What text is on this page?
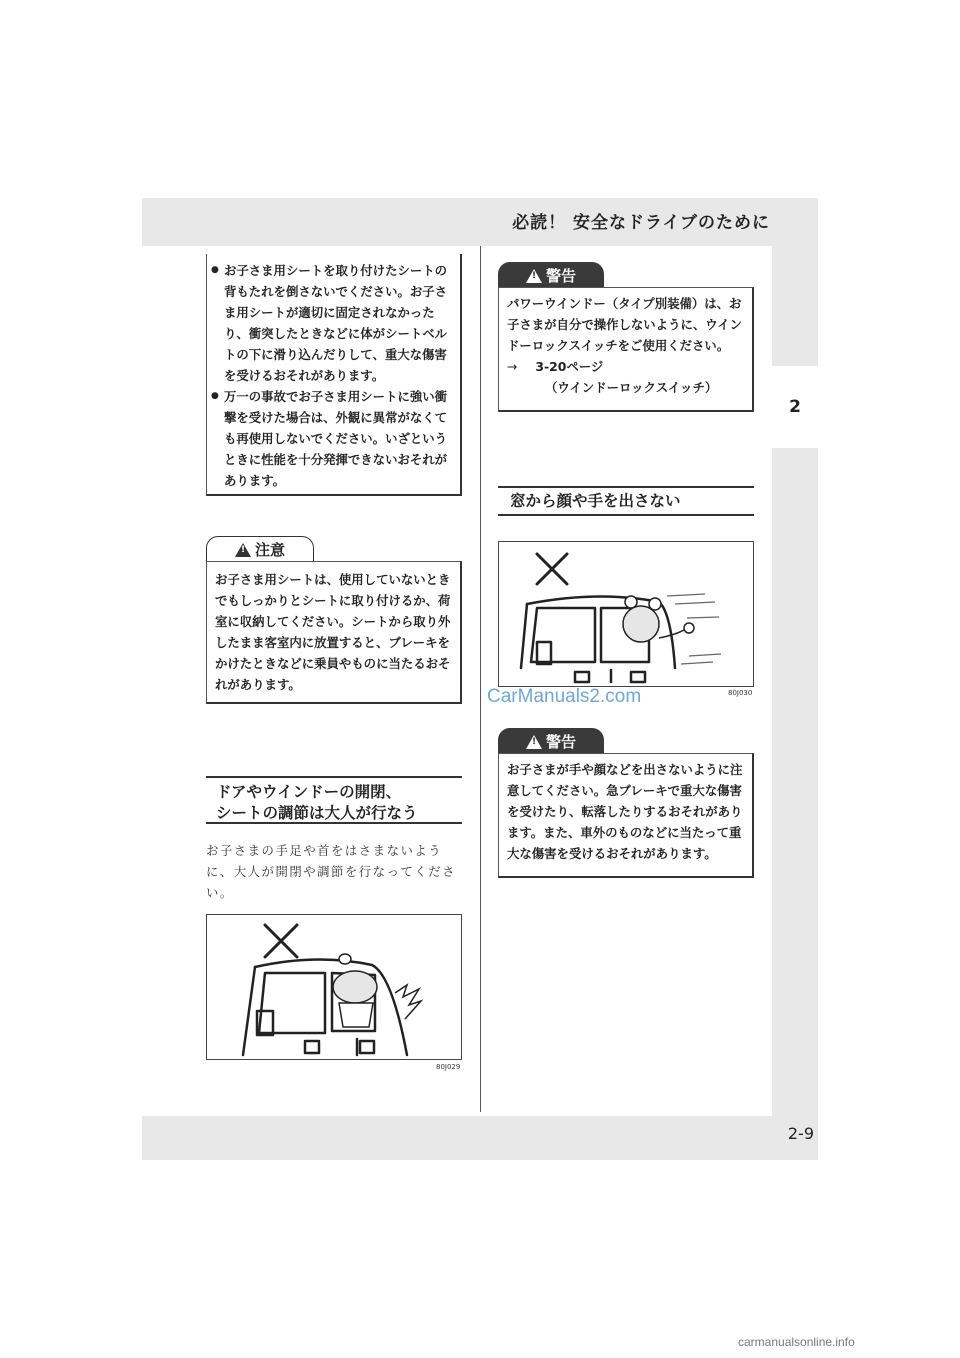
2
必読！ 安全なドライブのために
● お子さま用シートを取り付けたシートの背もたれを倒さないでください。お子さま用シートが適切に固定されなかったり、衝突したときなどに体がシートベルトの下に滑り込んだりして、重大な傷害を受けるおそれがあります。
● 万一の事故でお子さま用シートに強い衝撃を受けた場合は、外観に異常がなくても再使用しないでください。いざというときに性能を十分発揮できないおそれがあります。
! 注意
お子さま用シートは、使用していないときでもしっかりとシートに取り付けるか、荷室に収納してください。シートから取り外したまま客室内に放置すると、ブレーキをかけたときなどに乗員やものに当たるおそれがあります。
ドアやウインドーの開閉、
シートの調節は大人が行なう
お子さまの手足や首をはさまないように、大人が開閉や調節を行なってください。
80J029
! 警告
パワーウインドー（タイプ別装備）は、お子さまが自分で操作しないように、ウインドーロックスイッチをご使用ください。
→ 3-20ページ
（ウインドーロックスイッチ）
窓から顔や手を出さない
80J030
CarManuals2.com
! 警告
お子さまが手や顔などを出さないように注意してください。急ブレーキで重大な傷害を受けたり、転落したりするおそれがあります。また、車外のものなどに当たって重大な傷害を受けるおそれがあります。
2-9
carmanualsonline.info
